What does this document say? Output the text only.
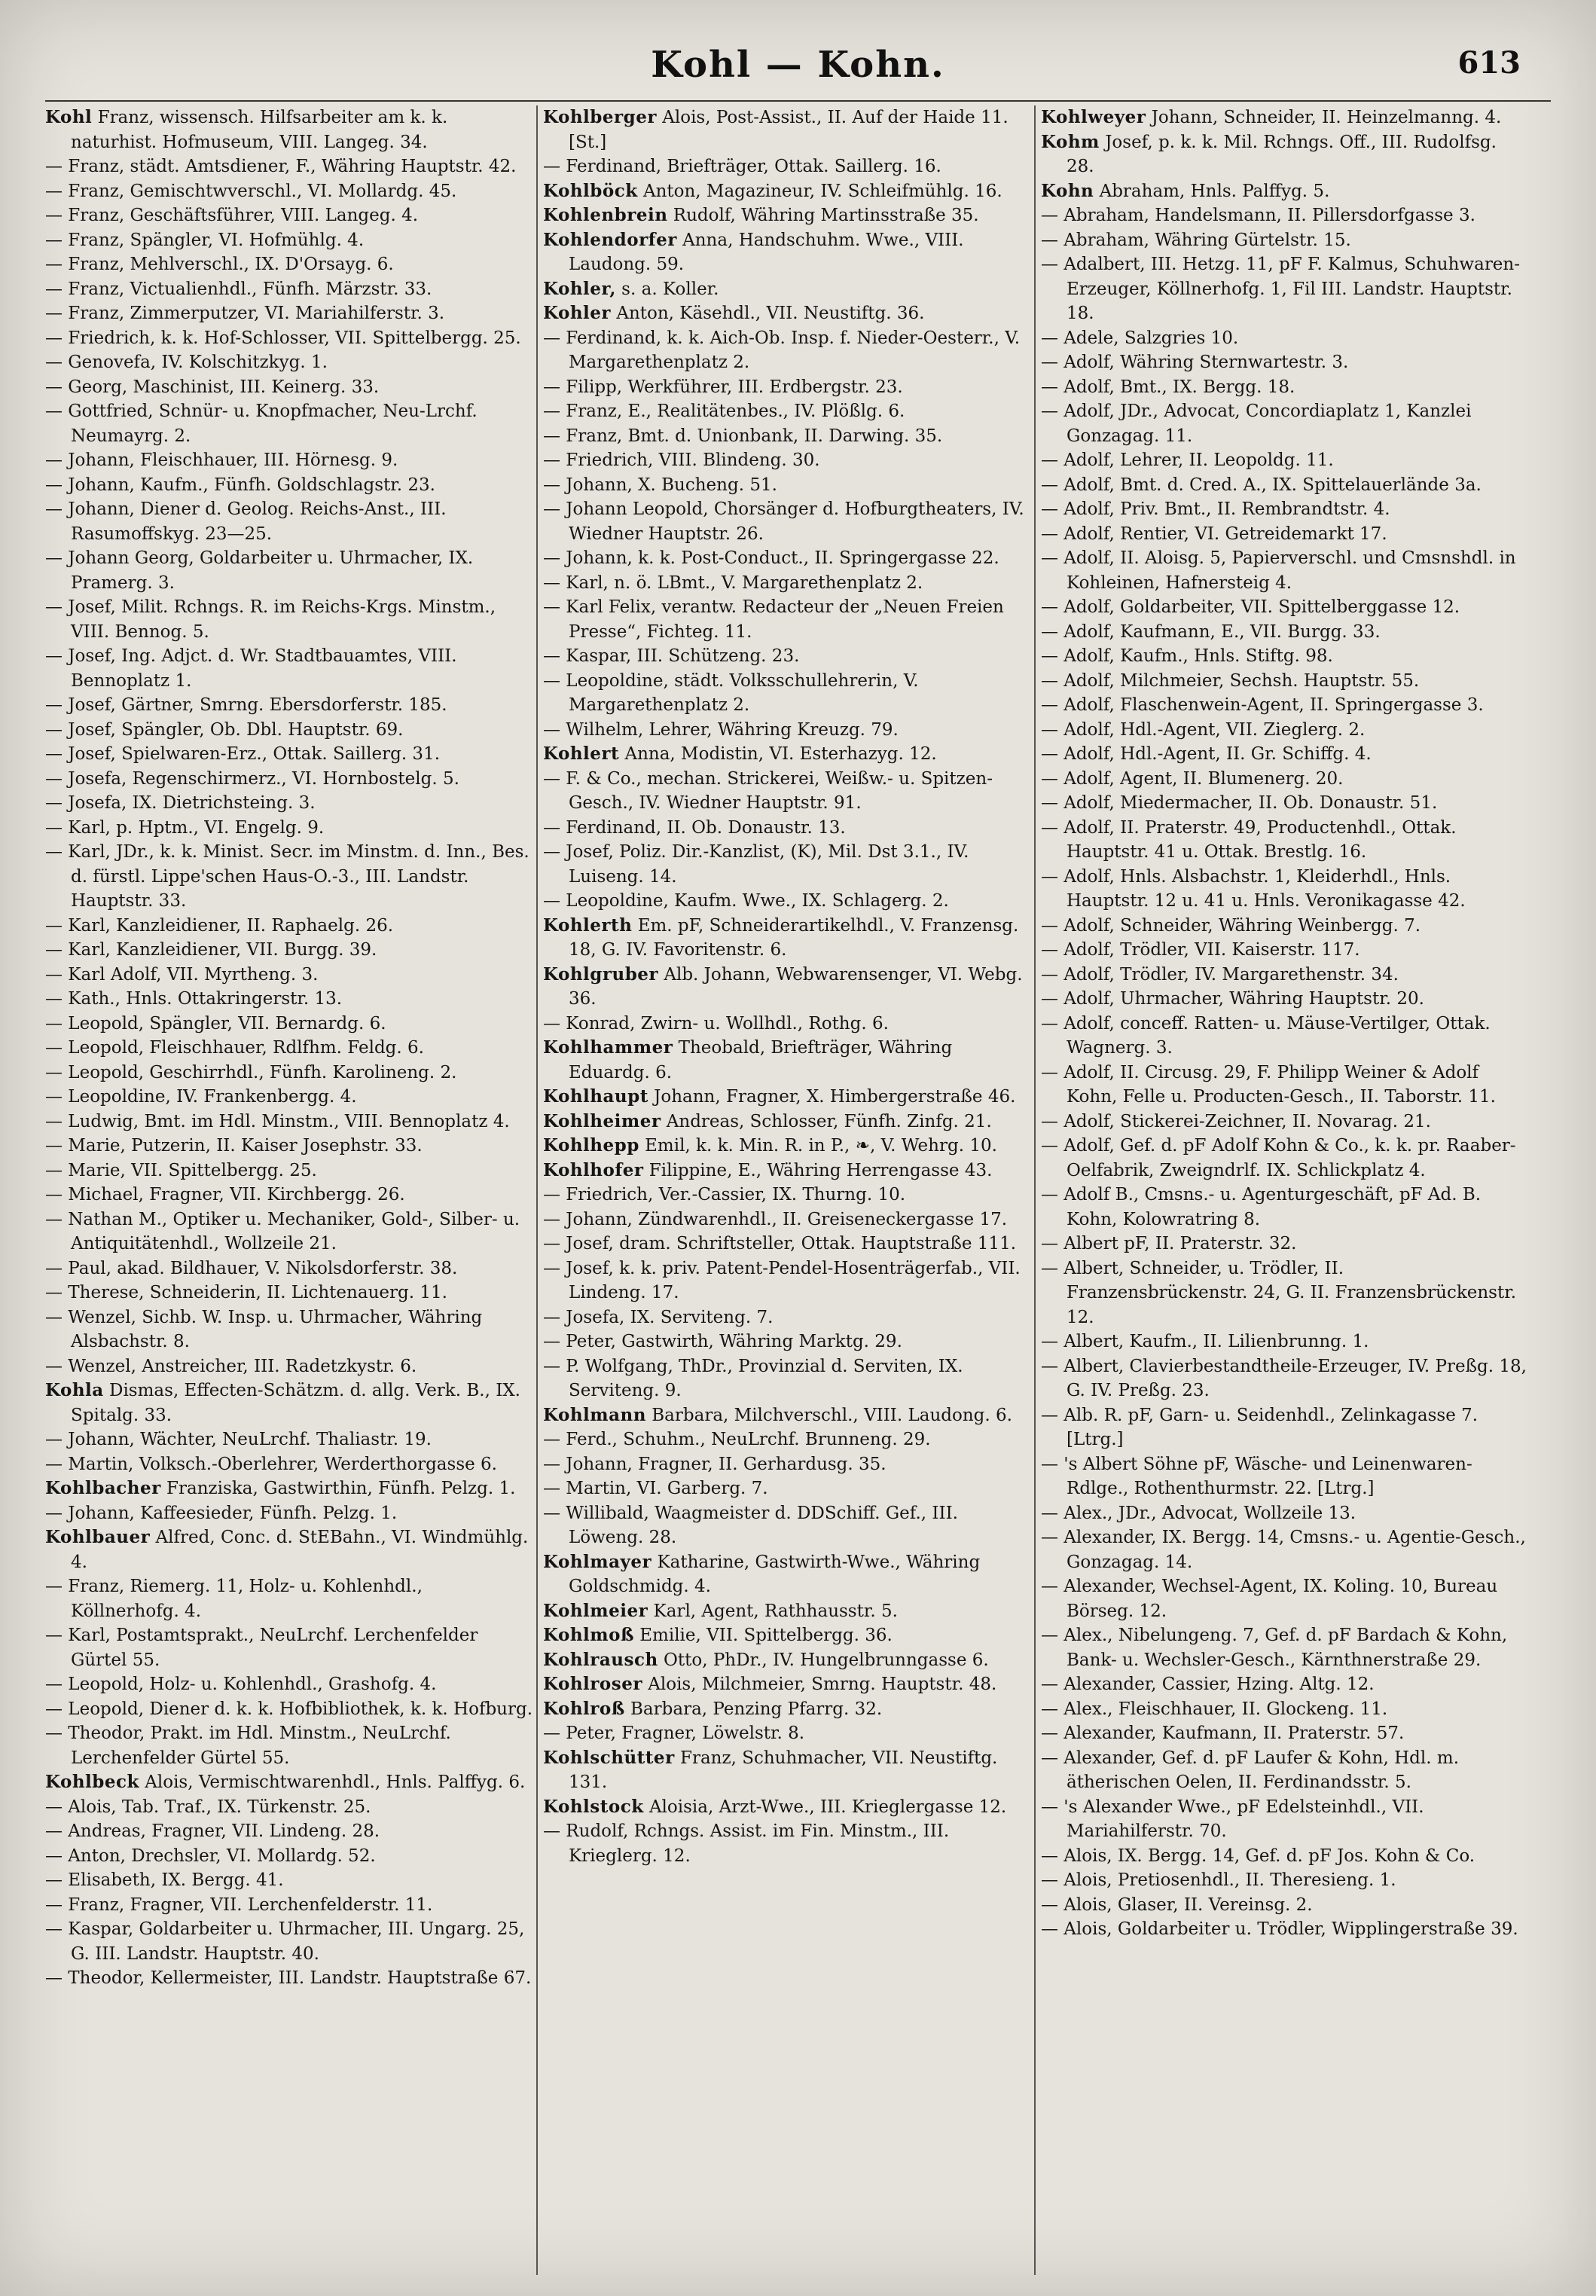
Kohl — Kohn.	613
Kohl Franz, wissensch. Hilfsarbeiter am k. k. naturhist. Hofmuseum, VIII. Langeg. 34.
— Franz, städt. Amtsdiener, F., Währing Hauptstr. 42.
— Franz, Gemischtwverschl., VI. Mollardg. 45.
— Franz, Geschäftsführer, VIII. Langeg. 4.
— Franz, Spängler, VI. Hofmühlg. 4.
— Franz, Mehlverschl., IX. D'Orsayg. 6.
— Franz, Victualienhdl., Fünfh. Märzstr. 33.
— Franz, Zimmerputzer, VI. Mariahilferstr. 3.
— Friedrich, k. k. Hof-Schlosser, VII. Spittelbergg. 25.
— Genovefa, IV. Kolschitzkyg. 1.
— Georg, Maschinist, III. Keinerg. 33.
— Gottfried, Schnür- u. Knopfmacher, Neu-Lrchf. Neumayrg. 2.
— Johann, Fleischhauer, III. Hörnesg. 9.
— Johann, Kaufm., Fünfh. Goldschlagstr. 23.
— Johann, Diener d. Geolog. Reichs-Anst., III. Rasumoffskyg. 23—25.
— Johann Georg, Goldarbeiter u. Uhrmacher, IX. Pramerg. 3.
— Josef, Milit. Rchngs. R. im Reichs-Krgs. Minstm., VIII. Bennog. 5.
— Josef, Ing. Adjct. d. Wr. Stadtbauamtes, VIII. Bennoplatz 1.
— Josef, Gärtner, Smrng. Ebersdorferstr. 185.
— Josef, Spängler, Ob. Dbl. Hauptstr. 69.
— Josef, Spielwaren-Erz., Ottak. Saillerg. 31.
— Josefa, Regenschirmerz., VI. Hornbostelg. 5.
— Josefa, IX. Dietrichsteing. 3.
— Karl, p. Hptm., VI. Engelg. 9.
— Karl, JDr., k. k. Minist. Secr. im Minstm. d. Inn., Bes. d. fürstl. Lippe'schen Haus-O.-3., III. Landstr. Hauptstr. 33.
— Karl, Kanzleidiener, II. Raphaelg. 26.
— Karl, Kanzleidiener, VII. Burgg. 39.
— Karl Adolf, VII. Myrtheng. 3.
— Kath., Hnls. Ottakringerstr. 13.
— Leopold, Spängler, VII. Bernardg. 6.
— Leopold, Fleischhauer, Rdlfhm. Feldg. 6.
— Leopold, Geschirrhdl., Fünfh. Karolineng. 2.
— Leopoldine, IV. Frankenbergg. 4.
— Ludwig, Bmt. im Hdl. Minstm., VIII. Bennoplatz 4.
— Marie, Putzerin, II. Kaiser Josephstr. 33.
— Marie, VII. Spittelbergg. 25.
— Michael, Fragner, VII. Kirchbergg. 26.
— Nathan M., Optiker u. Mechaniker, Gold-, Silber- u. Antiquitätenhdl., Wollzeile 21.
— Paul, akad. Bildhauer, V. Nikolsdorferstr. 38.
— Therese, Schneiderin, II. Lichtenauerg. 11.
— Wenzel, Sichb. W. Insp. u. Uhrmacher, Währing Alsbachstr. 8.
— Wenzel, Anstreicher, III. Radetzkystr. 6.
Kohla Dismas, Effecten-Schätzm. d. allg. Verk. B., IX. Spitalg. 33.
— Johann, Wächter, NeuLrchf. Thaliastr. 19.
— Martin, Volksch.-Oberlehrer, Werderthorgasse 6.
Kohlbacher Franziska, Gastwirthin, Fünfh. Pelzg. 1.
— Johann, Kaffeesieder, Fünfh. Pelzg. 1.
Kohlbauer Alfred, Conc. d. StEBahn., VI. Windmühlg. 4.
— Franz, Riemerg. 11, Holz- u. Kohlenhdl., Köllnerhofg. 4.
— Karl, Postamtsprakt., NeuLrchf. Lerchenfelder Gürtel 55.
— Leopold, Holz- u. Kohlenhdl., Grashofg. 4.
— Leopold, Diener d. k. k. Hofbibliothek, k. k. Hofburg.
— Theodor, Prakt. im Hdl. Minstm., NeuLrchf. Lerchenfelder Gürtel 55.
Kohlbeck Alois, Vermischtwarenhdl., Hnls. Palffyg. 6.
— Alois, Tab. Traf., IX. Türkenstr. 25.
— Andreas, Fragner, VII. Lindeng. 28.
— Anton, Drechsler, VI. Mollardg. 52.
— Elisabeth, IX. Bergg. 41.
— Franz, Fragner, VII. Lerchenfelderstr. 11.
— Kaspar, Goldarbeiter u. Uhrmacher, III. Ungarg. 25, G. III. Landstr. Hauptstr. 40.
— Theodor, Kellermeister, III. Landstr. Hauptstraße 67.
Kohlberger Alois, Post-Assist., II. Auf der Haide 11. [St.]
— Ferdinand, Briefträger, Ottak. Saillerg. 16.
Kohlböck Anton, Magazineur, IV. Schleifmühlg. 16.
Kohlenbrein Rudolf, Währing Martinsstraße 35.
Kohlendorfer Anna, Handschuhm. Wwe., VIII. Laudong. 59.
Kohler, s. a. Koller.
Kohler Anton, Käsehdl., VII. Neustiftg. 36.
— Ferdinand, k. k. Aich-Ob. Insp. f. Nieder-Oesterr., V. Margarethenplatz 2.
— Filipp, Werkführer, III. Erdbergstr. 23.
— Franz, E., Realitätenbes., IV. Plößlg. 6.
— Franz, Bmt. d. Unionbank, II. Darwing. 35.
— Friedrich, VIII. Blindeng. 30.
— Johann, X. Bucheng. 51.
— Johann Leopold, Chorsänger d. Hofburgtheaters, IV. Wiedner Hauptstr. 26.
— Johann, k. k. Post-Conduct., II. Springergasse 22.
— Karl, n. ö. LBmt., V. Margarethenplatz 2.
— Karl Felix, verantw. Redacteur der „Neuen Freien Presse“, Fichteg. 11.
— Kaspar, III. Schützeng. 23.
— Leopoldine, städt. Volksschullehrerin, V. Margarethenplatz 2.
— Wilhelm, Lehrer, Währing Kreuzg. 79.
Kohlert Anna, Modistin, VI. Esterhazyg. 12.
— F. & Co., mechan. Strickerei, Weißw.- u. Spitzen-Gesch., IV. Wiedner Hauptstr. 91.
— Ferdinand, II. Ob. Donaustr. 13.
— Josef, Poliz. Dir.-Kanzlist, (K), Mil. Dst 3.1., IV. Luiseng. 14.
— Leopoldine, Kaufm. Wwe., IX. Schlagerg. 2.
Kohlerth Em. pF, Schneiderartikelhdl., V. Franzensg. 18, G. IV. Favoritenstr. 6.
Kohlgruber Alb. Johann, Webwarensenger, VI. Webg. 36.
— Konrad, Zwirn- u. Wollhdl., Rothg. 6.
Kohlhammer Theobald, Briefträger, Währing Eduardg. 6.
Kohlhaupt Johann, Fragner, X. Himbergerstraße 46.
Kohlheimer Andreas, Schlosser, Fünfh. Zinfg. 21.
Kohlhepp Emil, k. k. Min. R. in P., ❧, V. Wehrg. 10.
Kohlhofer Filippine, E., Währing Herrengasse 43.
— Friedrich, Ver.-Cassier, IX. Thurng. 10.
— Johann, Zündwarenhdl., II. Greiseneckergasse 17.
— Josef, dram. Schriftsteller, Ottak. Hauptstraße 111.
— Josef, k. k. priv. Patent-Pendel-Hosenträgerfab., VII. Lindeng. 17.
— Josefa, IX. Serviteng. 7.
— Peter, Gastwirth, Währing Marktg. 29.
— P. Wolfgang, ThDr., Provinzial d. Serviten, IX. Serviteng. 9.
Kohlmann Barbara, Milchverschl., VIII. Laudong. 6.
— Ferd., Schuhm., NeuLrchf. Brunneng. 29.
— Johann, Fragner, II. Gerhardusg. 35.
— Martin, VI. Garberg. 7.
— Willibald, Waagmeister d. DDSchiff. Gef., III. Löweng. 28.
Kohlmayer Katharine, Gastwirth-Wwe., Währing Goldschmidg. 4.
Kohlmeier Karl, Agent, Rathhausstr. 5.
Kohlmoß Emilie, VII. Spittelbergg. 36.
Kohlrausch Otto, PhDr., IV. Hungelbrunngasse 6.
Kohlroser Alois, Milchmeier, Smrng. Hauptstr. 48.
Kohlroß Barbara, Penzing Pfarrg. 32.
— Peter, Fragner, Löwelstr. 8.
Kohlschütter Franz, Schuhmacher, VII. Neustiftg. 131.
Kohlstock Aloisia, Arzt-Wwe., III. Krieglergasse 12.
— Rudolf, Rchngs. Assist. im Fin. Minstm., III. Krieglerg. 12.
Kohlweyer Johann, Schneider, II. Heinzelmanng. 4.
Kohm Josef, p. k. k. Mil. Rchngs. Off., III. Rudolfsg. 28.
Kohn Abraham, Hnls. Palffyg. 5.
— Abraham, Handelsmann, II. Pillersdorfgasse 3.
— Abraham, Währing Gürtelstr. 15.
— Adalbert, III. Hetzg. 11, pF F. Kalmus, Schuhwaren-Erzeuger, Köllnerhofg. 1, Fil III. Landstr. Hauptstr. 18.
— Adele, Salzgries 10.
— Adolf, Währing Sternwartestr. 3.
— Adolf, Bmt., IX. Bergg. 18.
— Adolf, JDr., Advocat, Concordiaplatz 1, Kanzlei Gonzagag. 11.
— Adolf, Lehrer, II. Leopoldg. 11.
— Adolf, Bmt. d. Cred. A., IX. Spittelauerlände 3a.
— Adolf, Priv. Bmt., II. Rembrandtstr. 4.
— Adolf, Rentier, VI. Getreidemarkt 17.
— Adolf, II. Aloisg. 5, Papierverschl. und Cmsnshdl. in Kohleinen, Hafnersteig 4.
— Adolf, Goldarbeiter, VII. Spittelberggasse 12.
— Adolf, Kaufmann, E., VII. Burgg. 33.
— Adolf, Kaufm., Hnls. Stiftg. 98.
— Adolf, Milchmeier, Sechsh. Hauptstr. 55.
— Adolf, Flaschenwein-Agent, II. Springergasse 3.
— Adolf, Hdl.-Agent, VII. Zieglerg. 2.
— Adolf, Hdl.-Agent, II. Gr. Schiffg. 4.
— Adolf, Agent, II. Blumenerg. 20.
— Adolf, Miedermacher, II. Ob. Donaustr. 51.
— Adolf, II. Praterstr. 49, Productenhdl., Ottak. Hauptstr. 41 u. Ottak. Brestlg. 16.
— Adolf, Hnls. Alsbachstr. 1, Kleiderhdl., Hnls. Hauptstr. 12 u. 41 u. Hnls. Veronikagasse 42.
— Adolf, Schneider, Währing Weinbergg. 7.
— Adolf, Trödler, VII. Kaiserstr. 117.
— Adolf, Trödler, IV. Margarethenstr. 34.
— Adolf, Uhrmacher, Währing Hauptstr. 20.
— Adolf, conceff. Ratten- u. Mäuse-Vertilger, Ottak. Wagnerg. 3.
— Adolf, II. Circusg. 29, F. Philipp Weiner & Adolf Kohn, Felle u. Producten-Gesch., II. Taborstr. 11.
— Adolf, Stickerei-Zeichner, II. Novarag. 21.
— Adolf, Gef. d. pF Adolf Kohn & Co., k. k. pr. Raaber-Oelfabrik, Zweigndrlf. IX. Schlickplatz 4.
— Adolf B., Cmsns.- u. Agenturgeschäft, pF Ad. B. Kohn, Kolowratring 8.
— Albert pF, II. Praterstr. 32.
— Albert, Schneider, u. Trödler, II. Franzensbrückenstr. 24, G. II. Franzensbrückenstr. 12.
— Albert, Kaufm., II. Lilienbrunng. 1.
— Albert, Clavierbestandtheile-Erzeuger, IV. Preßg. 18, G. IV. Preßg. 23.
— Alb. R. pF, Garn- u. Seidenhdl., Zelinkagasse 7. [Ltrg.]
— 's Albert Söhne pF, Wäsche- und Leinenwaren-Rdlge., Rothenthurmstr. 22. [Ltrg.]
— Alex., JDr., Advocat, Wollzeile 13.
— Alexander, IX. Bergg. 14, Cmsns.- u. Agentie-Gesch., Gonzagag. 14.
— Alexander, Wechsel-Agent, IX. Koling. 10, Bureau Börseg. 12.
— Alex., Nibelungeng. 7, Gef. d. pF Bardach & Kohn, Bank- u. Wechsler-Gesch., Kärnthnerstraße 29.
— Alexander, Cassier, Hzing. Altg. 12.
— Alex., Fleischhauer, II. Glockeng. 11.
— Alexander, Kaufmann, II. Praterstr. 57.
— Alexander, Gef. d. pF Laufer & Kohn, Hdl. m. ätherischen Oelen, II. Ferdinandsstr. 5.
— 's Alexander Wwe., pF Edelsteinhdl., VII. Mariahilferstr. 70.
— Alois, IX. Bergg. 14, Gef. d. pF Jos. Kohn & Co.
— Alois, Pretiosenhdl., II. Theresieng. 1.
— Alois, Glaser, II. Vereinsg. 2.
— Alois, Goldarbeiter u. Trödler, Wipplingerstraße 39.
